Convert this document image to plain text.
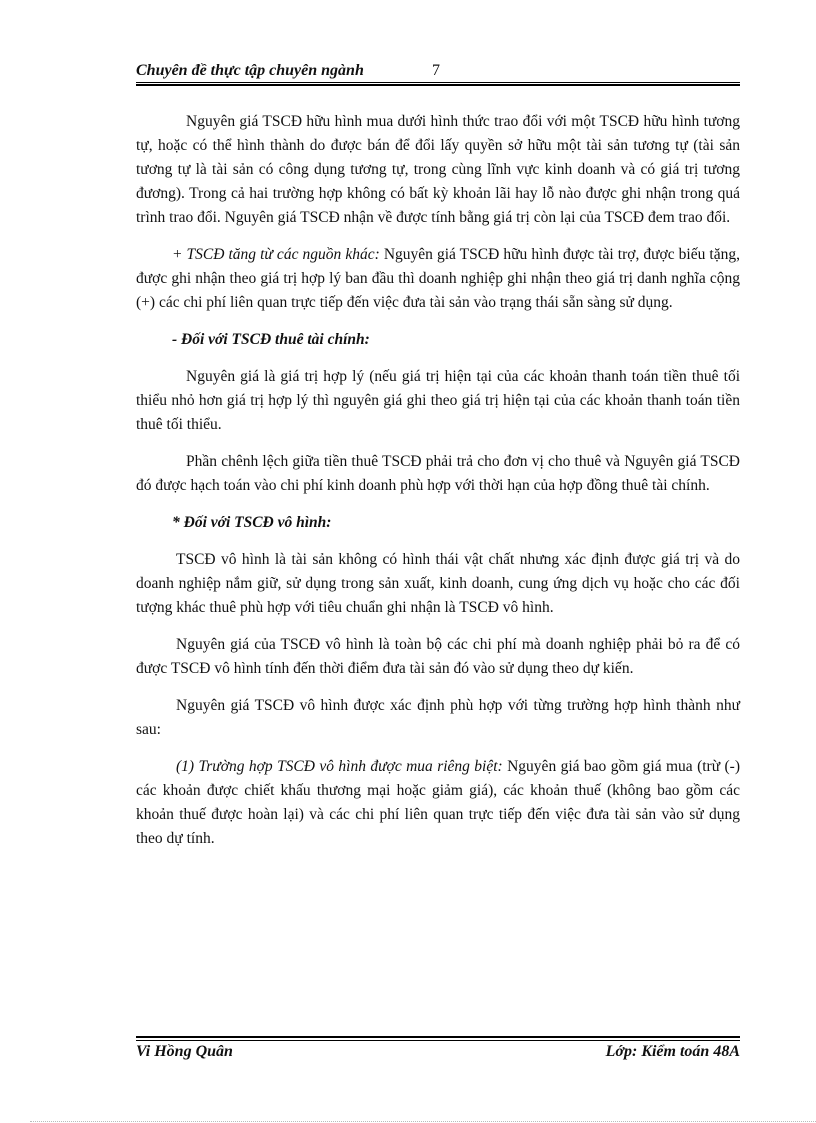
Chuyên đề thực tập chuyên ngành	7

Nguyên giá TSCĐ hữu hình mua dưới hình thức trao đổi với một TSCĐ hữu hình tương tự, hoặc có thể hình thành do được bán để đổi lấy quyền sở hữu một tài sản tương tự (tài sản tương tự là tài sản có công dụng tương tự, trong cùng lĩnh vực kinh doanh và có giá trị tương đương). Trong cả hai trường hợp không có bất kỳ khoản lãi hay lỗ nào được ghi nhận trong quá trình trao đổi. Nguyên giá TSCĐ nhận về được tính bằng giá trị còn lại của TSCĐ đem trao đổi.

+ TSCĐ tăng từ các nguồn khác: Nguyên giá TSCĐ hữu hình được tài trợ, được biếu tặng, được ghi nhận theo giá trị hợp lý ban đầu thì doanh nghiệp ghi nhận theo giá trị danh nghĩa cộng (+) các chi phí liên quan trực tiếp đến việc đưa tài sản vào trạng thái sẵn sàng sử dụng.

- Đối với TSCĐ thuê tài chính:

Nguyên giá là giá trị hợp lý (nếu giá trị hiện tại của các khoản thanh toán tiền thuê tối thiểu nhỏ hơn giá trị hợp lý thì nguyên giá ghi theo giá trị hiện tại của các khoản thanh toán tiền thuê tối thiểu.

Phần chênh lệch giữa tiền thuê TSCĐ phải trả cho đơn vị cho thuê và Nguyên giá TSCĐ đó được hạch toán vào chi phí kinh doanh phù hợp với thời hạn của hợp đồng thuê tài chính.

* Đối với TSCĐ vô hình:

TSCĐ vô hình là tài sản không có hình thái vật chất nhưng xác định được giá trị và do doanh nghiệp nắm giữ, sử dụng trong sản xuất, kinh doanh, cung ứng dịch vụ hoặc cho các đối tượng khác thuê phù hợp với tiêu chuẩn ghi nhận là TSCĐ vô hình.

Nguyên giá của TSCĐ vô hình là toàn bộ các chi phí mà doanh nghiệp phải bỏ ra để có được TSCĐ vô hình tính đến thời điểm đưa tài sản đó vào sử dụng theo dự kiến.

Nguyên giá TSCĐ vô hình được xác định phù hợp với từng trường hợp hình thành như sau:

(1) Trường hợp TSCĐ vô hình được mua riêng biệt: Nguyên giá bao gồm giá mua (trừ (-) các khoản được chiết khấu thương mại hoặc giảm giá), các khoản thuế (không bao gồm các khoản thuế được hoàn lại) và các chi phí liên quan trực tiếp đến việc đưa tài sản vào sử dụng theo dự tính.

Vi Hồng Quân	Lớp: Kiểm toán 48A
